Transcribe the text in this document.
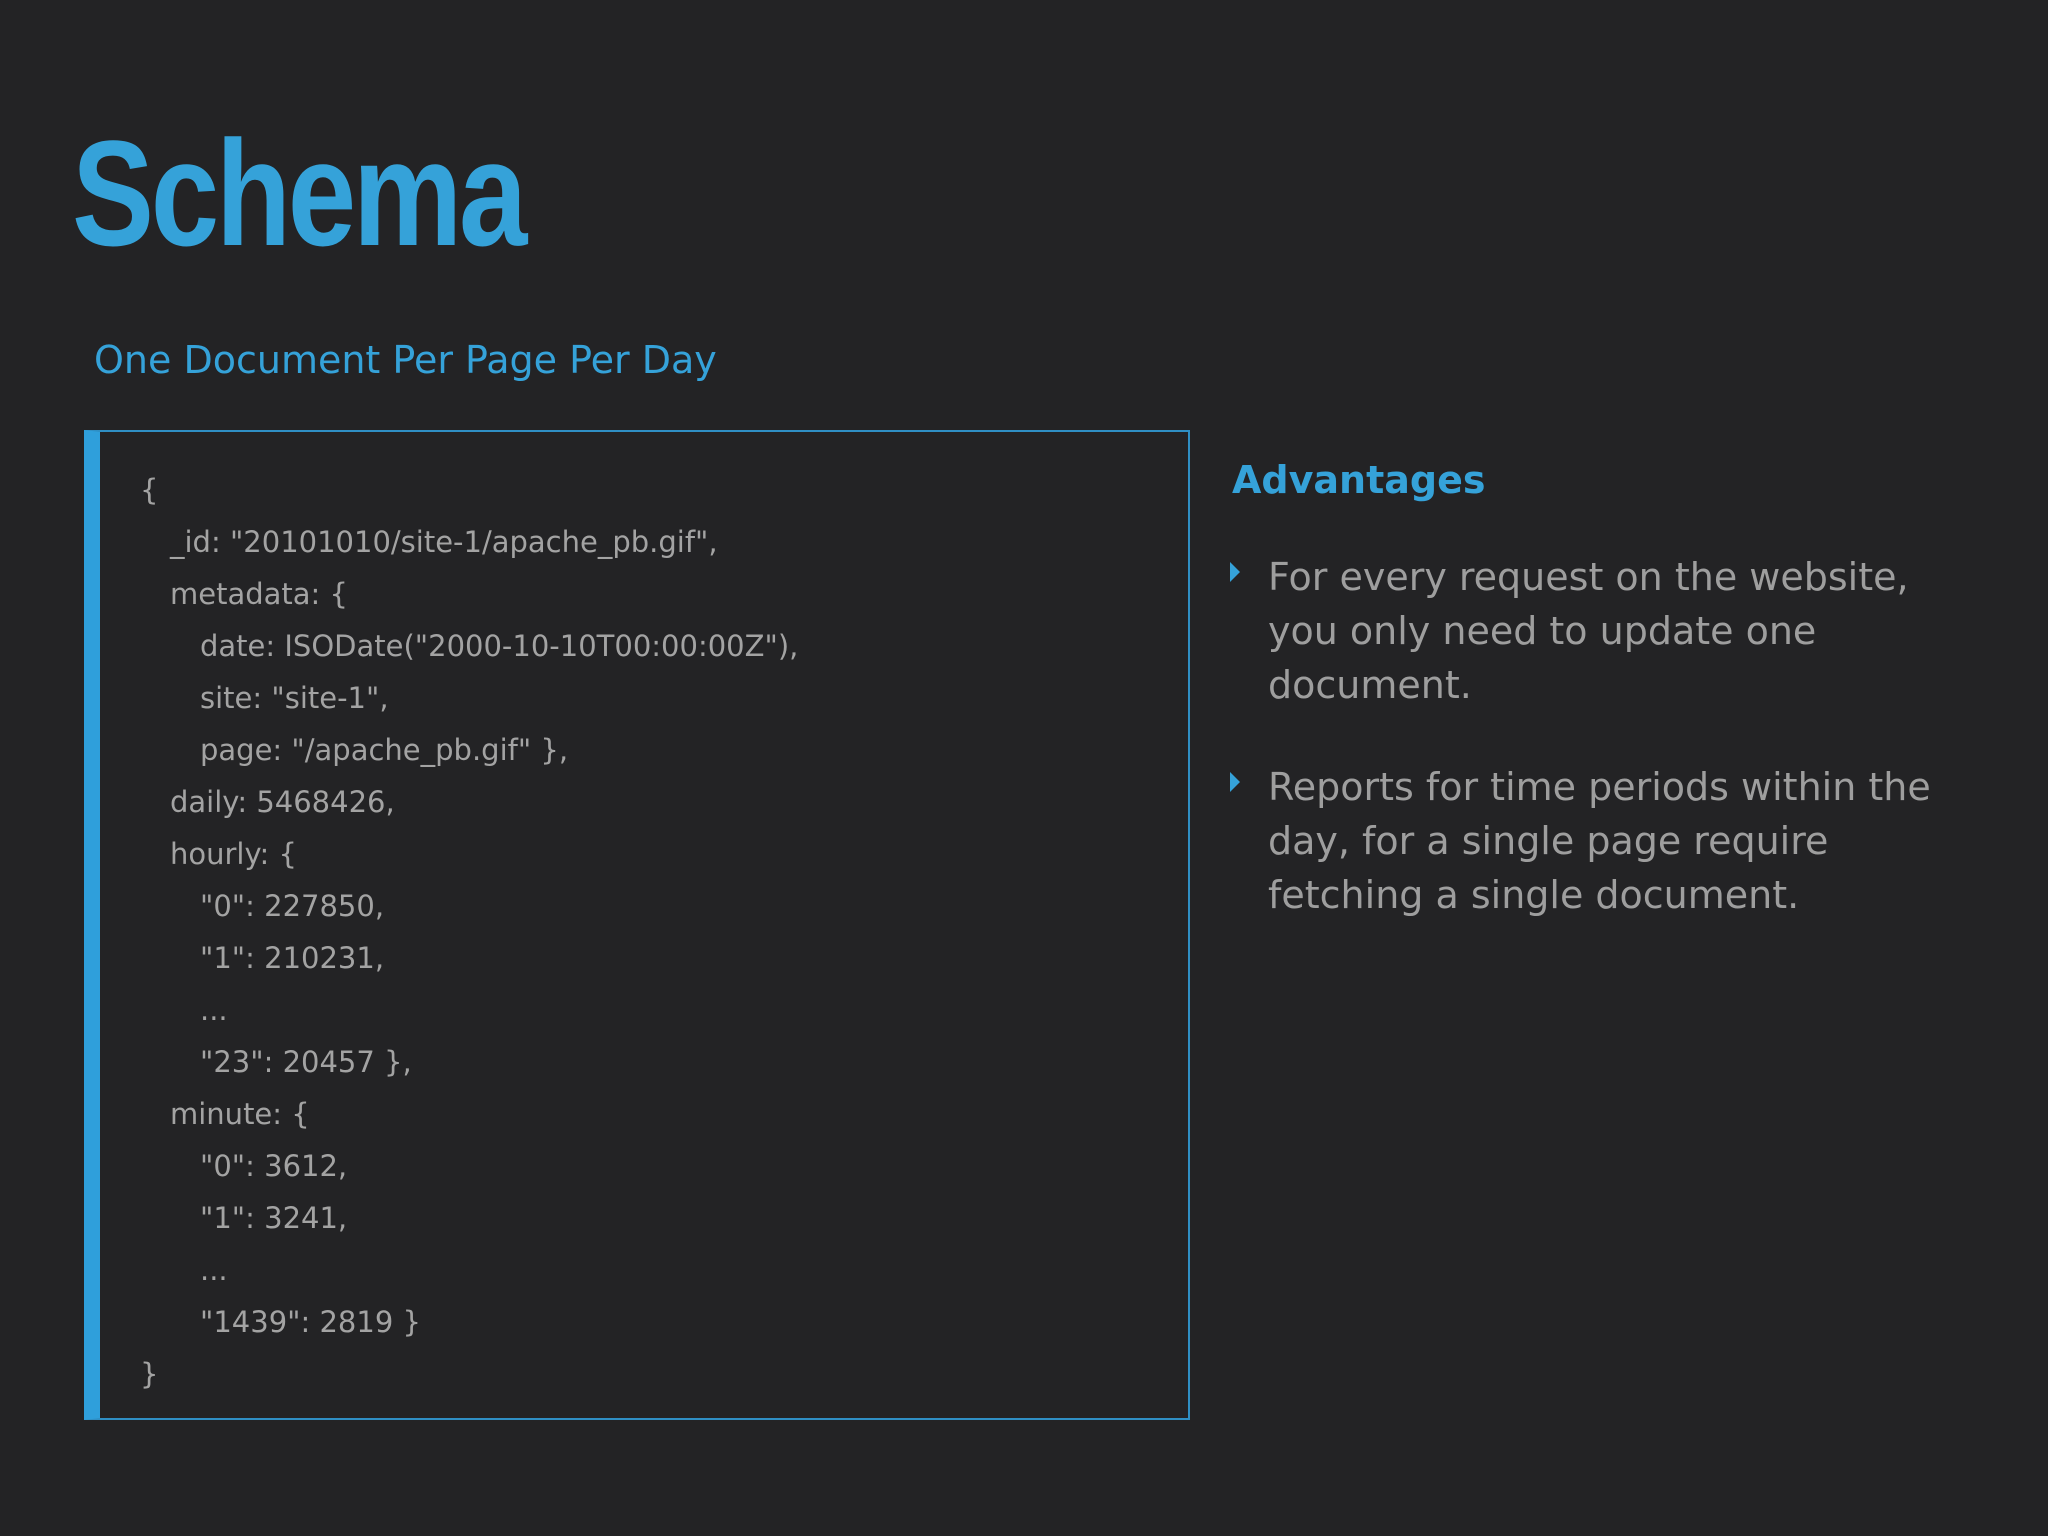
Schema
One Document Per Page Per Day
{
_id: "20101010/site-1/apache_pb.gif",
metadata: {
date: ISODate("2000-10-10T00:00:00Z"),
site: "site-1",
page: "/apache_pb.gif" },
daily: 5468426,
hourly: {
"0": 227850,
"1": 210231,
...
"23": 20457 },
minute: {
"0": 3612,
"1": 3241,
...
"1439": 2819 }
}
Advantages
For every request on the website, you only need to update one document.
Reports for time periods within the day, for a single page require fetching a single document.
